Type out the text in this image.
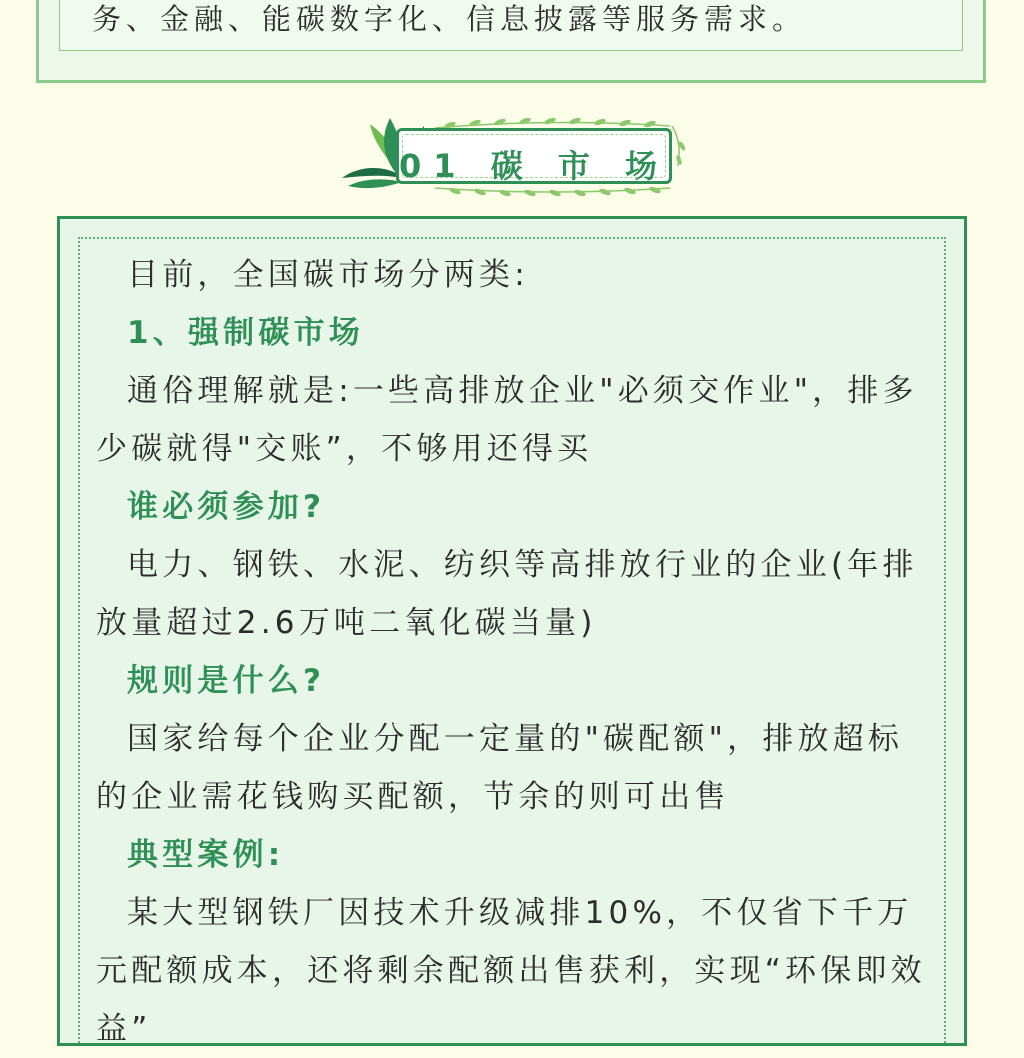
务、金融、能碳数字化、信息披露等服务需求。
01 碳 市 场

目前，全国碳市场分两类:

1、强制碳市场

通俗理解就是:一些高排放企业"必须交作业"，排多少碳就得"交账”，不够用还得买

谁必须参加?

电力、钢铁、水泥、纺织等高排放行业的企业(年排放量超过2.6万吨二氧化碳当量)

规则是什么?

国家给每个企业分配一定量的"碳配额"，排放超标的企业需花钱购买配额，节余的则可出售

典型案例:

某大型钢铁厂因技术升级减排10%，不仅省下千万元配额成本，还将剩余配额出售获利，实现“环保即效益”
